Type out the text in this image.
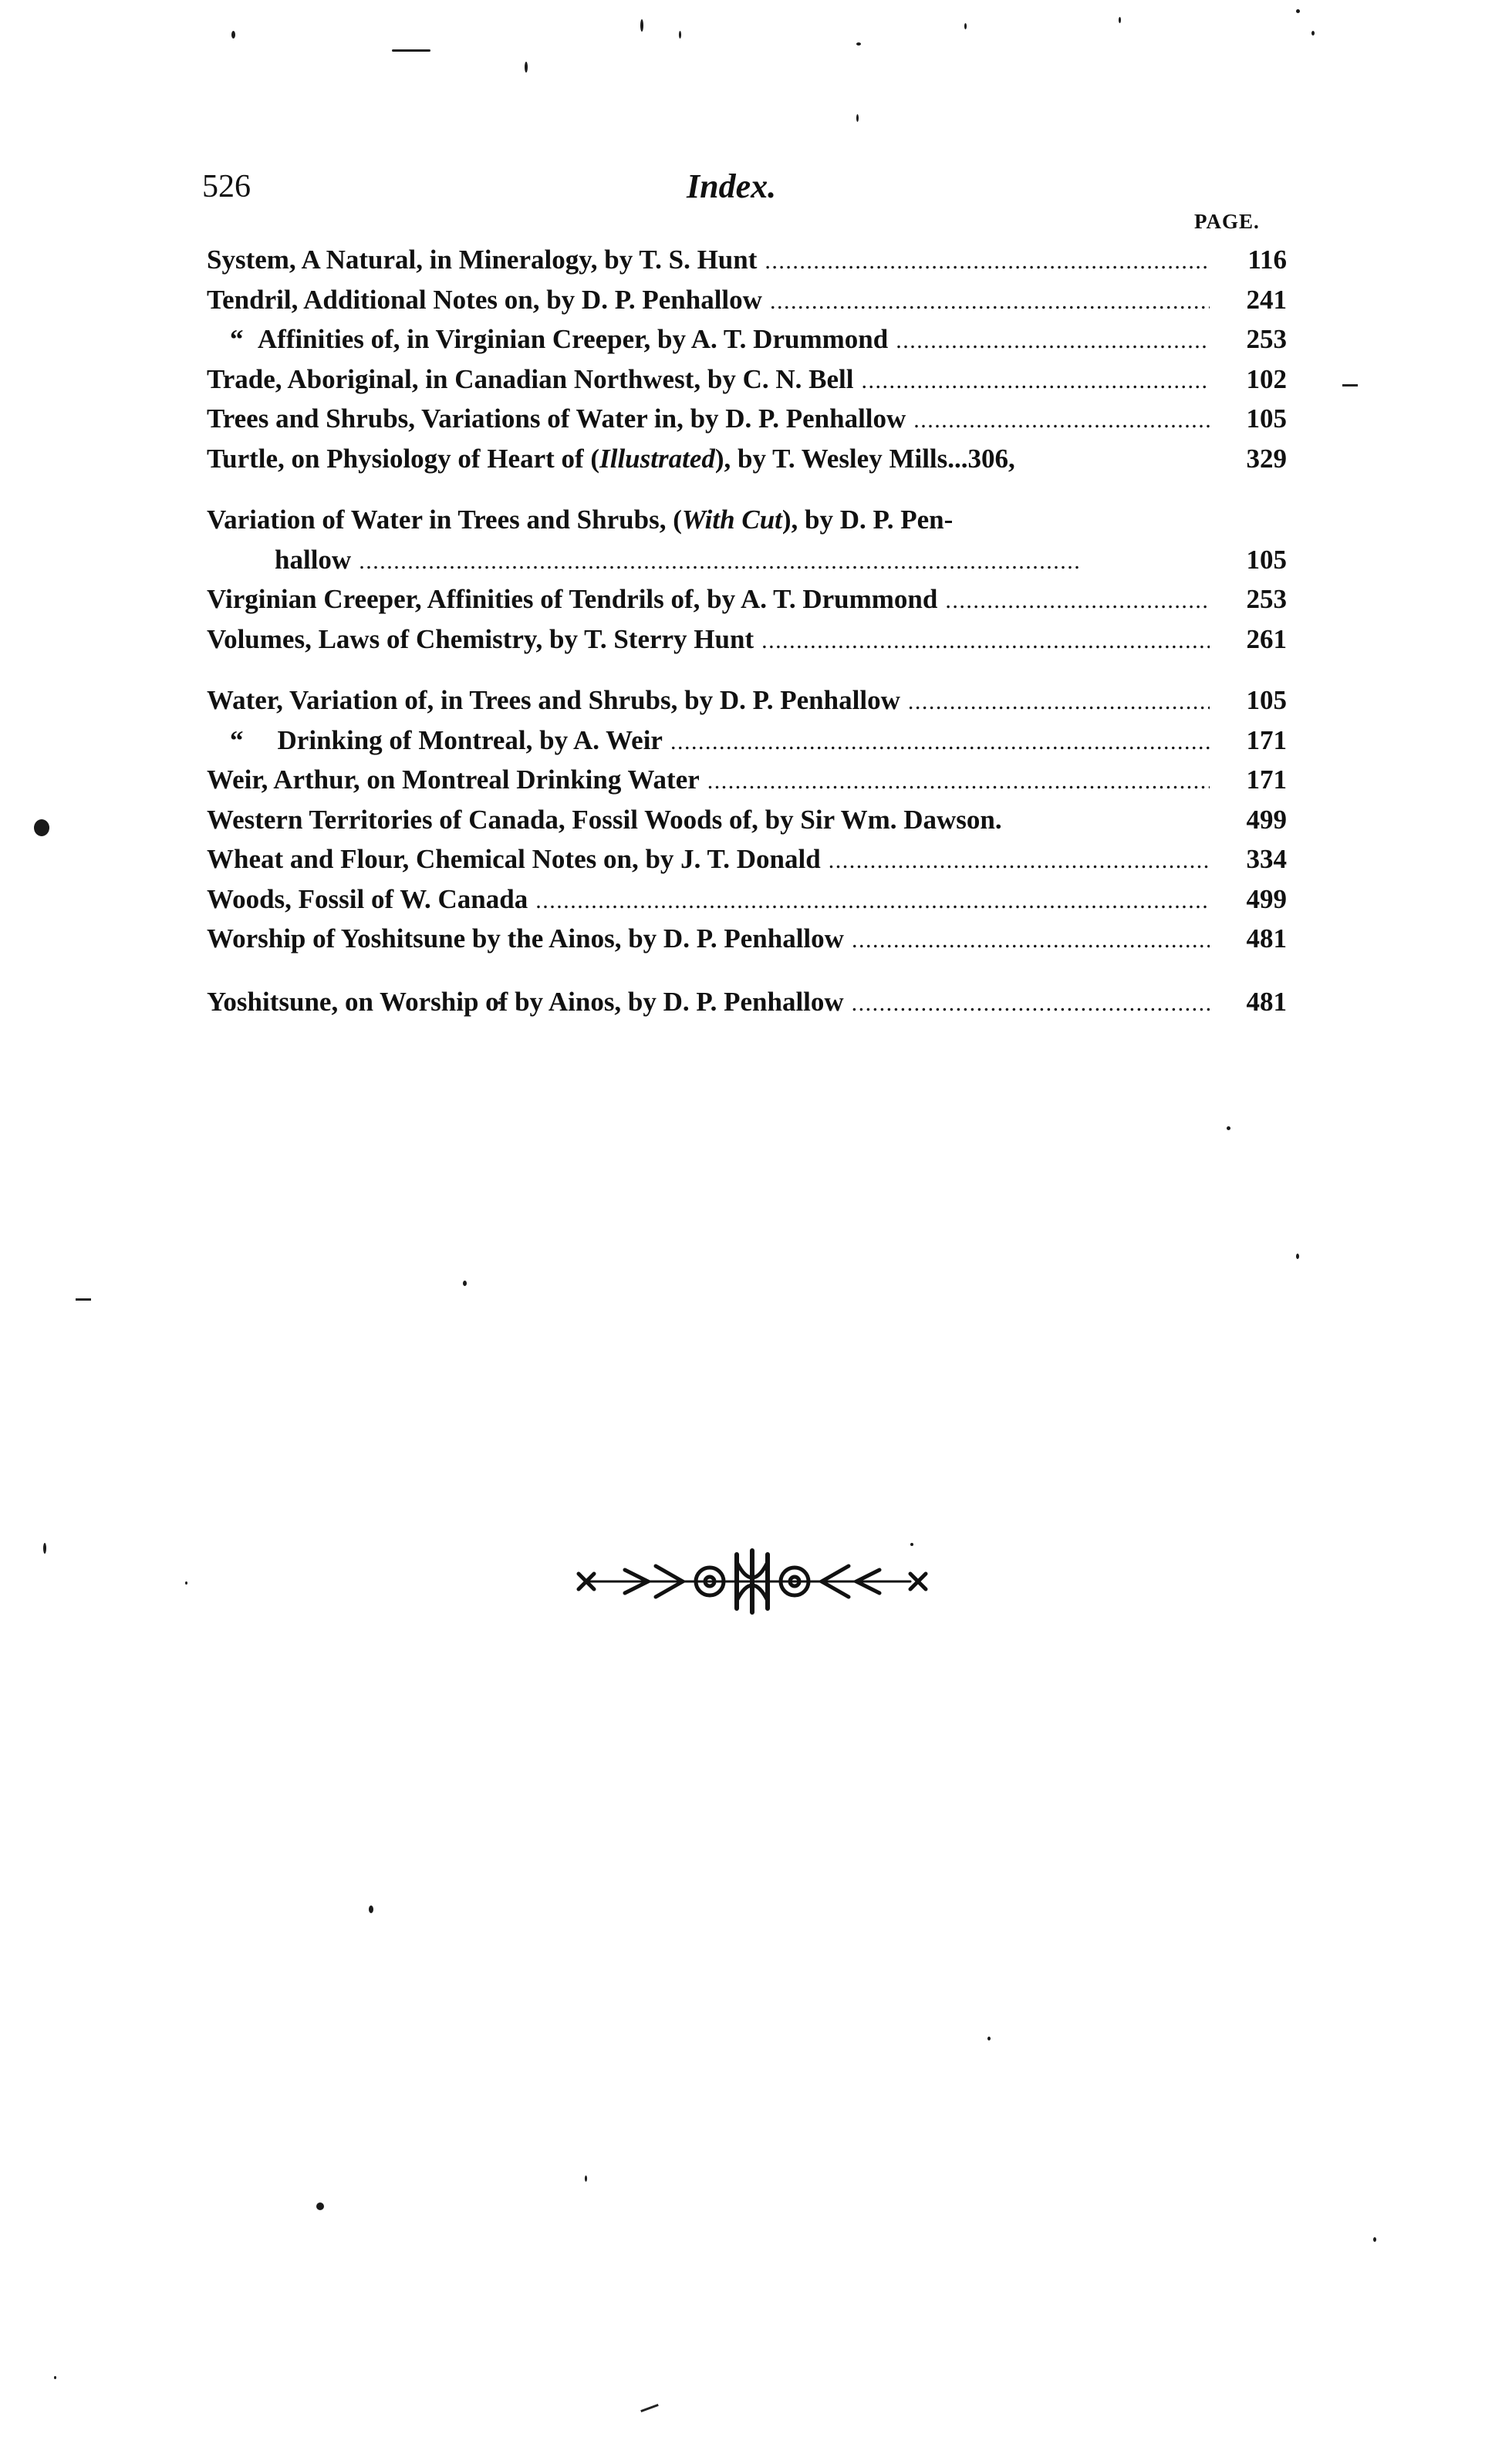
526	Index.
PAGE.
System, A Natural, in Mineralogy, by T. S. Hunt . . .	116
Tendril, Additional Notes on, by D. P. Penhallow . . .	241
“ Affinities of, in Virginian Creeper, by A. T. Drummond . . .	253
Trade, Aboriginal, in Canadian Northwest, by C. N. Bell . . .	102
Trees and Shrubs, Variations of Water in, by D. P. Penhallow . . .	105
Turtle, on Physiology of Heart of (Illustrated), by T. Wesley Mills...306,	329
Variation of Water in Trees and Shrubs, (With Cut), by D. P. Pen-
hallow . . .	105
Virginian Creeper, Affinities of Tendrils of, by A. T. Drummond . . .	253
Volumes, Laws of Chemistry, by T. Sterry Hunt . . .	261
Water, Variation of, in Trees and Shrubs, by D. P. Penhallow . . .	105
“	Drinking of Montreal, by A. Weir . . .	171
Weir, Arthur, on Montreal Drinking Water . . .	171
Western Territories of Canada, Fossil Woods of, by Sir Wm. Dawson.	499
Wheat and Flour, Chemical Notes on, by J. T. Donald . . .	334
Woods, Fossil of W. Canada . . .	499
Worship of Yoshitsune by the Ainos, by D. P. Penhallow . . .	481
Yoshitsune, on Worship of by Ainos, by D. P. Penhallow . . .	481
